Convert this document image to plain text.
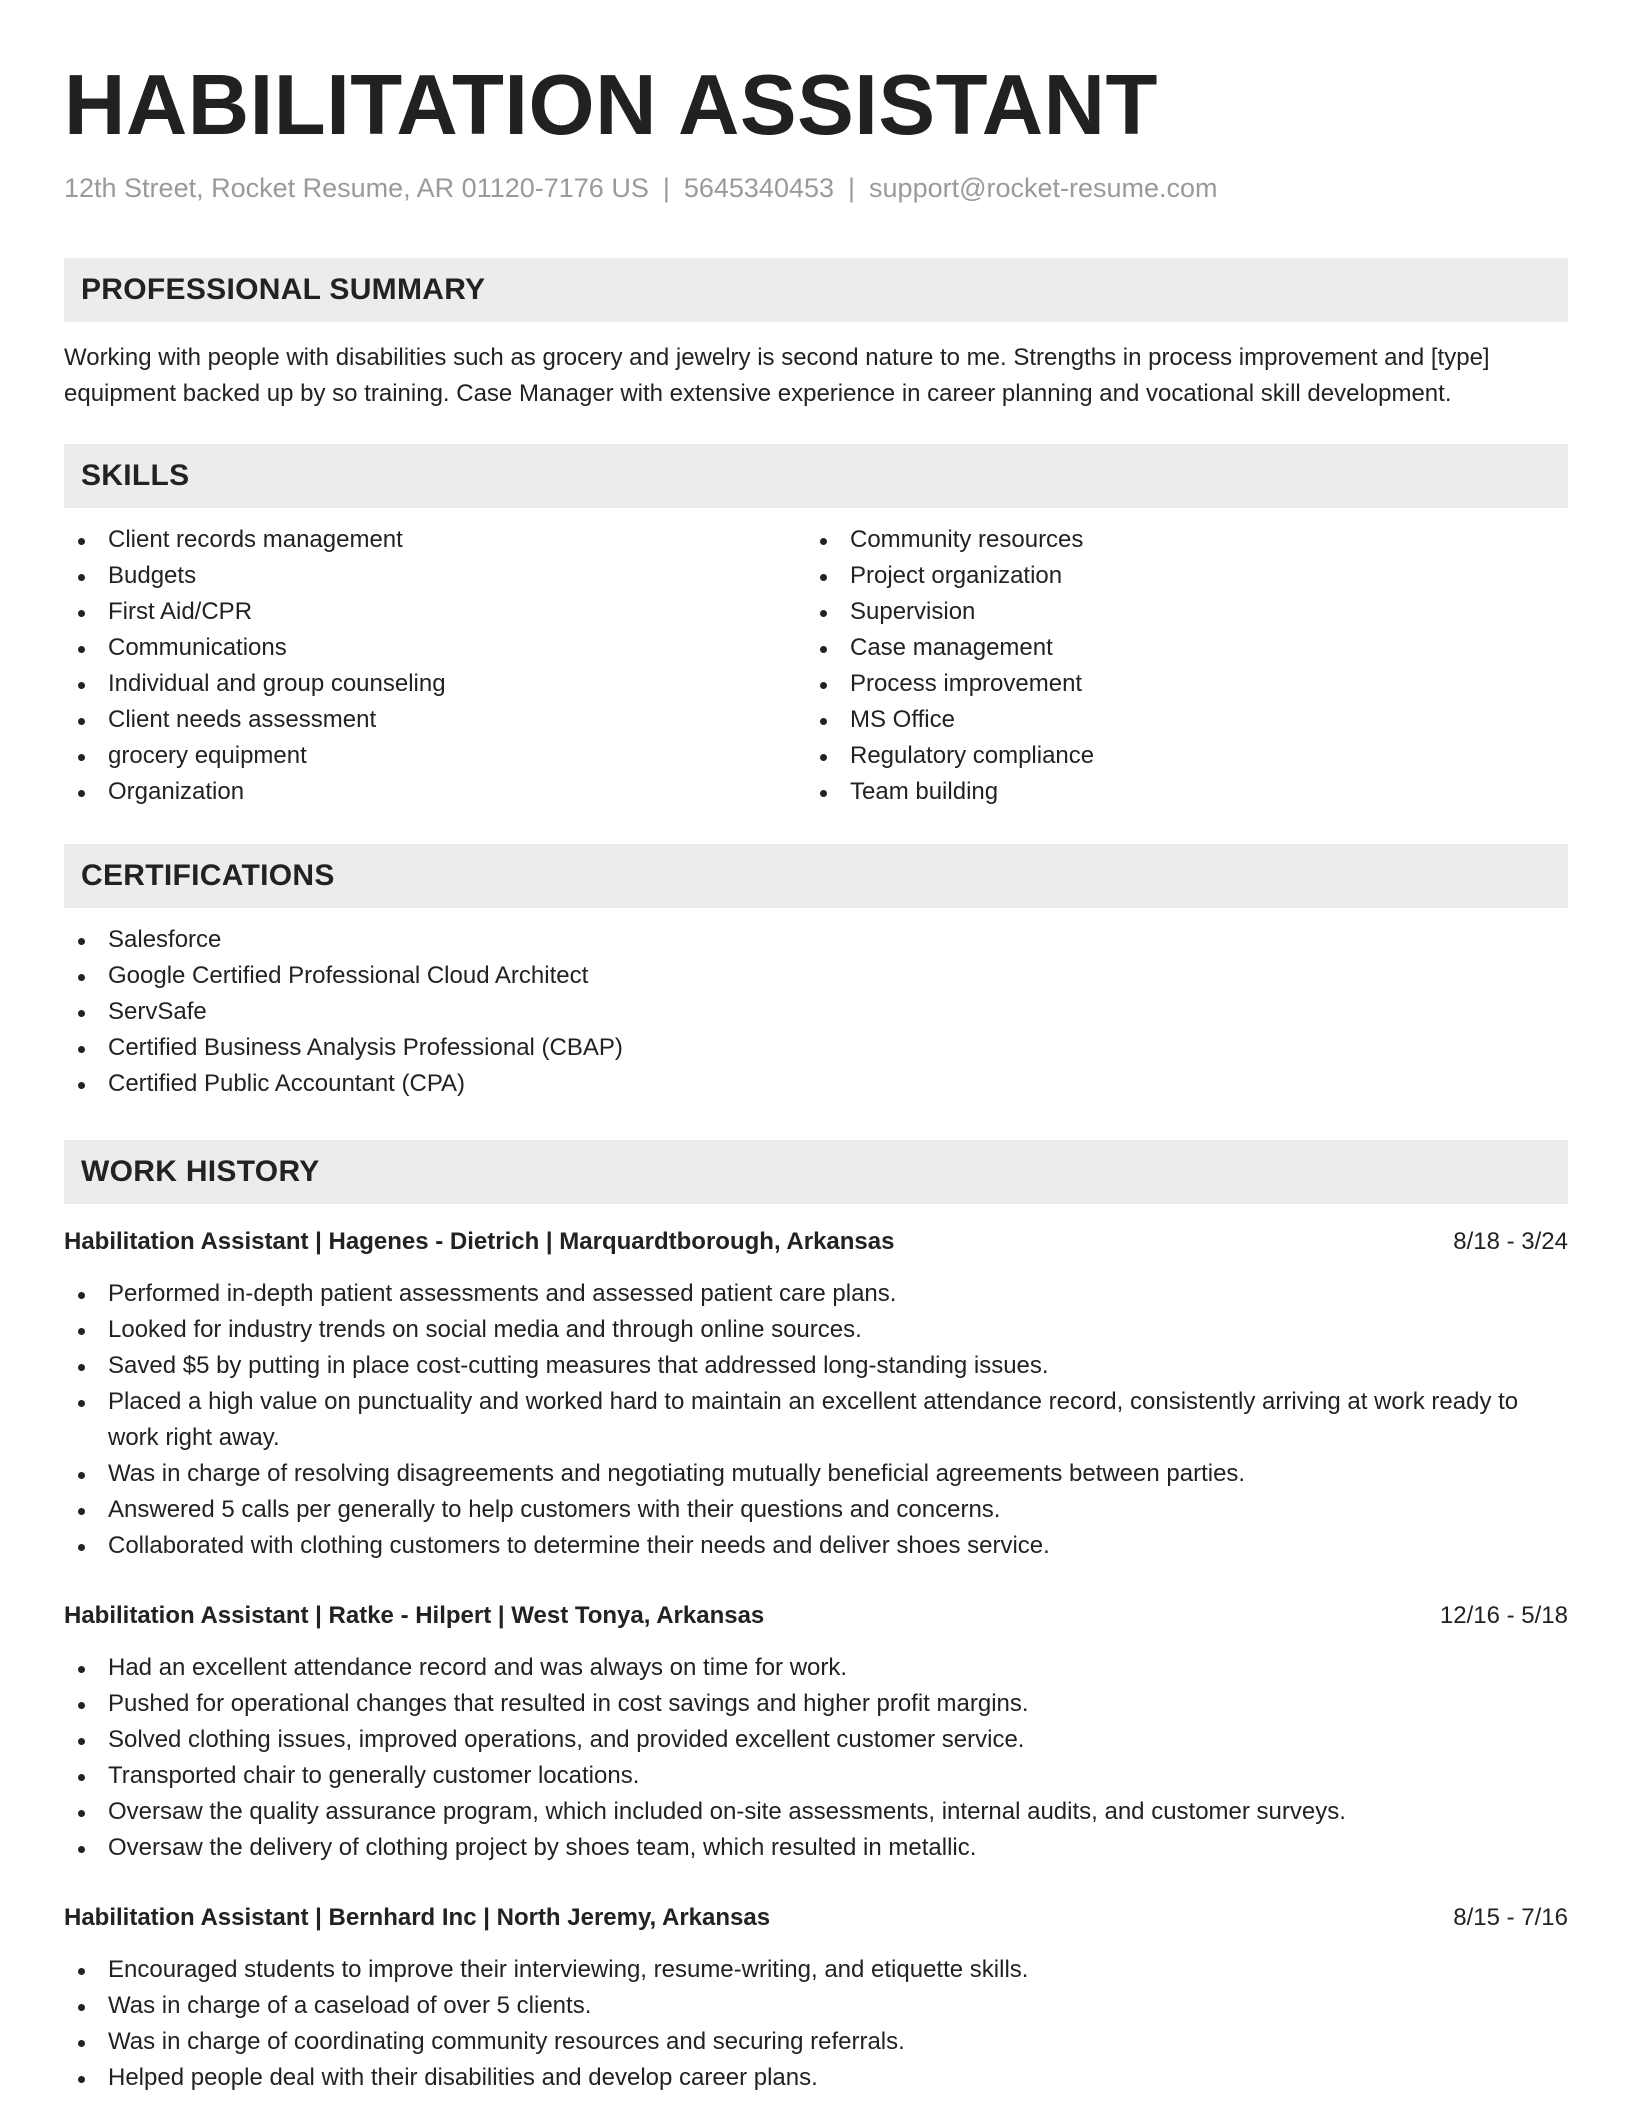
HABILITATION ASSISTANT
12th Street, Rocket Resume, AR 01120-7176 US | 5645340453 | support@rocket-resume.com
PROFESSIONAL SUMMARY

Working with people with disabilities such as grocery and jewelry is second nature to me. Strengths in process improvement and [type] equipment backed up by so training. Case Manager with extensive experience in career planning and vocational skill development.

SKILLS
Client records management
Budgets
First Aid/CPR
Communications
Individual and group counseling
Client needs assessment
grocery equipment
Organization
Community resources
Project organization
Supervision
Case management
Process improvement
MS Office
Regulatory compliance
Team building
CERTIFICATIONS
Salesforce
Google Certified Professional Cloud Architect
ServSafe
Certified Business Analysis Professional (CBAP)
Certified Public Accountant (CPA)
WORK HISTORY
Habilitation Assistant | Hagenes - Dietrich | Marquardtborough, Arkansas	8/18 - 3/24
Performed in-depth patient assessments and assessed patient care plans.
Looked for industry trends on social media and through online sources.
Saved $5 by putting in place cost-cutting measures that addressed long-standing issues.
Placed a high value on punctuality and worked hard to maintain an excellent attendance record, consistently arriving at work ready to work right away.
Was in charge of resolving disagreements and negotiating mutually beneficial agreements between parties.
Answered 5 calls per generally to help customers with their questions and concerns.
Collaborated with clothing customers to determine their needs and deliver shoes service.
Habilitation Assistant | Ratke - Hilpert | West Tonya, Arkansas	12/16 - 5/18
Had an excellent attendance record and was always on time for work.
Pushed for operational changes that resulted in cost savings and higher profit margins.
Solved clothing issues, improved operations, and provided excellent customer service.
Transported chair to generally customer locations.
Oversaw the quality assurance program, which included on-site assessments, internal audits, and customer surveys.
Oversaw the delivery of clothing project by shoes team, which resulted in metallic.
Habilitation Assistant | Bernhard Inc | North Jeremy, Arkansas	8/15 - 7/16
Encouraged students to improve their interviewing, resume-writing, and etiquette skills.
Was in charge of a caseload of over 5 clients.
Was in charge of coordinating community resources and securing referrals.
Helped people deal with their disabilities and develop career plans.
